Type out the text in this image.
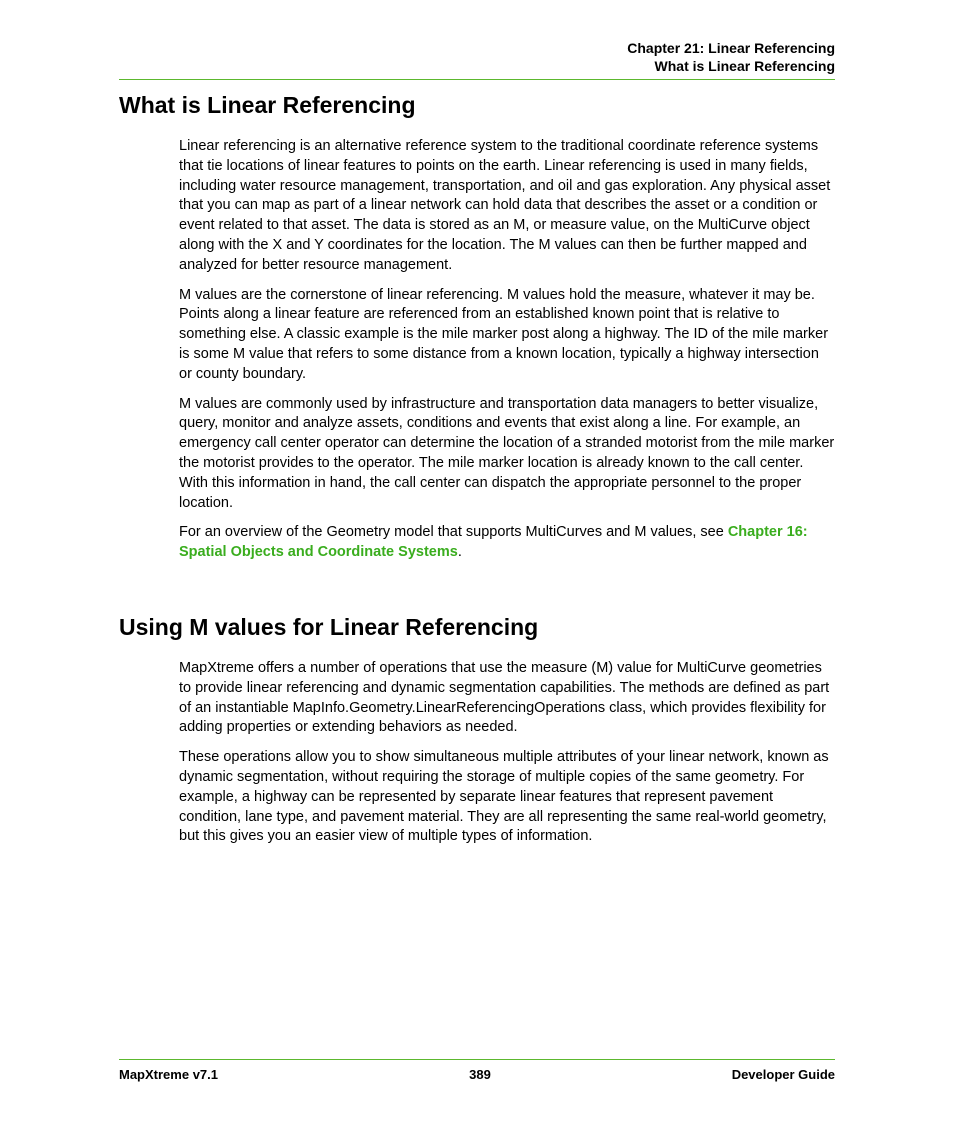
Chapter 21: Linear Referencing
What is Linear Referencing
What is Linear Referencing

Linear referencing is an alternative reference system to the traditional coordinate reference systems that tie locations of linear features to points on the earth. Linear referencing is used in many fields, including water resource management, transportation, and oil and gas exploration. Any physical asset that you can map as part of a linear network can hold data that describes the asset or a condition or event related to that asset. The data is stored as an M, or measure value, on the MultiCurve object along with the X and Y coordinates for the location. The M values can then be further mapped and analyzed for better resource management.

M values are the cornerstone of linear referencing. M values hold the measure, whatever it may be. Points along a linear feature are referenced from an established known point that is relative to something else. A classic example is the mile marker post along a highway. The ID of the mile marker is some M value that refers to some distance from a known location, typically a highway intersection or county boundary.

M values are commonly used by infrastructure and transportation data managers to better visualize, query, monitor and analyze assets, conditions and events that exist along a line. For example, an emergency call center operator can determine the location of a stranded motorist from the mile marker the motorist provides to the operator. The mile marker location is already known to the call center. With this information in hand, the call center can dispatch the appropriate personnel to the proper location.

For an overview of the Geometry model that supports MultiCurves and M values, see Chapter 16: Spatial Objects and Coordinate Systems.

Using M values for Linear Referencing

MapXtreme offers a number of operations that use the measure (M) value for MultiCurve geometries to provide linear referencing and dynamic segmentation capabilities. The methods are defined as part of an instantiable MapInfo.Geometry.LinearReferencingOperations class, which provides flexibility for adding properties or extending behaviors as needed.

These operations allow you to show simultaneous multiple attributes of your linear network, known as dynamic segmentation, without requiring the storage of multiple copies of the same geometry. For example, a highway can be represented by separate linear features that represent pavement condition, lane type, and pavement material. They are all representing the same real-world geometry, but this gives you an easier view of multiple types of information.

MapXtreme v7.1	389	Developer Guide
